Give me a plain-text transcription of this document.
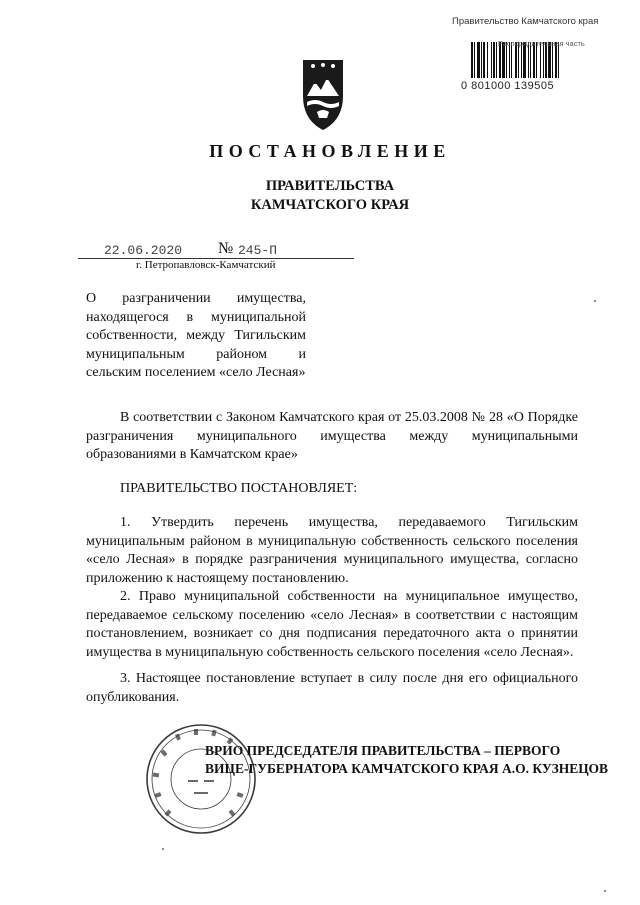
Правительство Камчатского края
Распорядительная часть
0 801000 139505
ПОСТАНОВЛЕНИЕ
ПРАВИТЕЛЬСТВА
КАМЧАТСКОГО КРАЯ
22.06.2020 № 245-П
г. Петропавловск-Камчатский
О разграничении имущества, находящегося в муниципальной собственности, между Тигильским муниципальным районом и сельским поселением «село Лесная»
В соответствии с Законом Камчатского края от 25.03.2008 № 28 «О Порядке разграничения муниципального имущества между муниципальными образованиями в Камчатском крае»
ПРАВИТЕЛЬСТВО ПОСТАНОВЛЯЕТ:
1. Утвердить перечень имущества, передаваемого Тигильским муниципальным районом в муниципальную собственность сельского поселения «село Лесная» в порядке разграничения муниципального имущества, согласно приложению к настоящему постановлению.
2. Право муниципальной собственности на муниципальное имущество, передаваемое сельскому поселению «село Лесная» в соответствии с настоящим постановлением, возникает со дня подписания передаточного акта о принятии имущества в муниципальную собственность сельского поселения «село Лесная».
3. Настоящее постановление вступает в силу после дня его официального опубликования.
ВРИО ПРЕДСЕДАТЕЛЯ ПРАВИТЕЛЬСТВА – ПЕРВОГО
ВИЦЕ-ГУБЕРНАТОРА КАМЧАТСКОГО КРАЯ А.О. КУЗНЕЦОВ
